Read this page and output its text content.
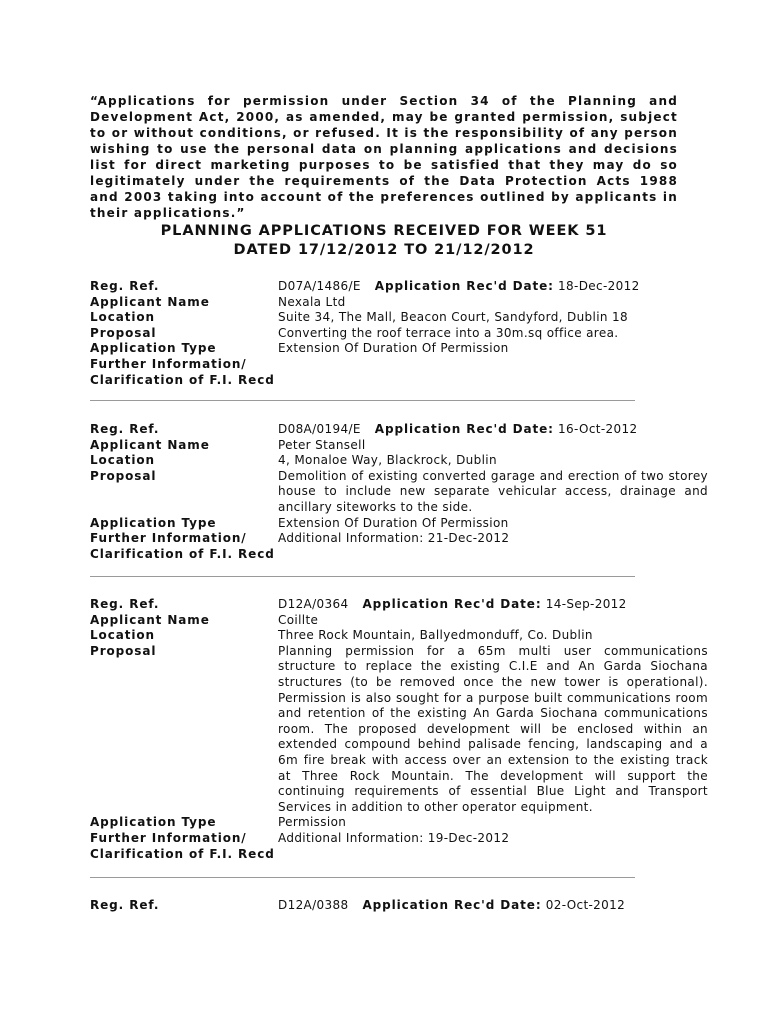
“Applications for permission under Section 34 of the Planning and Development Act, 2000, as amended, may be granted permission, subject to or without conditions, or refused. It is the responsibility of any person wishing to use the personal data on planning applications and decisions list for direct marketing purposes to be satisfied that they may do so legitimately under the requirements of the Data Protection Acts 1988 and 2003 taking into account of the preferences outlined by applicants in their applications.”
PLANNING APPLICATIONS RECEIVED FOR WEEK 51
DATED 17/12/2012 TO 21/12/2012
Reg. Ref.	D07A/1486/E Application Rec'd Date: 18-Dec-2012
Applicant Name	Nexala Ltd
Location	Suite 34, The Mall, Beacon Court, Sandyford, Dublin 18
Proposal	Converting the roof terrace into a 30m.sq office area.
Application Type	Extension Of Duration Of Permission
Further Information/
Clarification of F.I. Recd
Reg. Ref.	D08A/0194/E Application Rec'd Date: 16-Oct-2012
Applicant Name	Peter Stansell
Location	4, Monaloe Way, Blackrock, Dublin
Proposal	Demolition of existing converted garage and erection of two storey house to include new separate vehicular access, drainage and ancillary siteworks to the side.
Application Type	Extension Of Duration Of Permission
Further Information/	Additional Information: 21-Dec-2012
Clarification of F.I. Recd
Reg. Ref.	D12A/0364 Application Rec'd Date: 14-Sep-2012
Applicant Name	Coillte
Location	Three Rock Mountain, Ballyedmonduff, Co. Dublin
Proposal	Planning permission for a 65m multi user communications structure to replace the existing C.I.E and An Garda Siochana structures (to be removed once the new tower is operational). Permission is also sought for a purpose built communications room and retention of the existing An Garda Siochana communications room. The proposed development will be enclosed within an extended compound behind palisade fencing, landscaping and a 6m fire break with access over an extension to the existing track at Three Rock Mountain. The development will support the continuing requirements of essential Blue Light and Transport Services in addition to other operator equipment.
Application Type	Permission
Further Information/	Additional Information: 19-Dec-2012
Clarification of F.I. Recd
Reg. Ref.	D12A/0388 Application Rec'd Date: 02-Oct-2012
